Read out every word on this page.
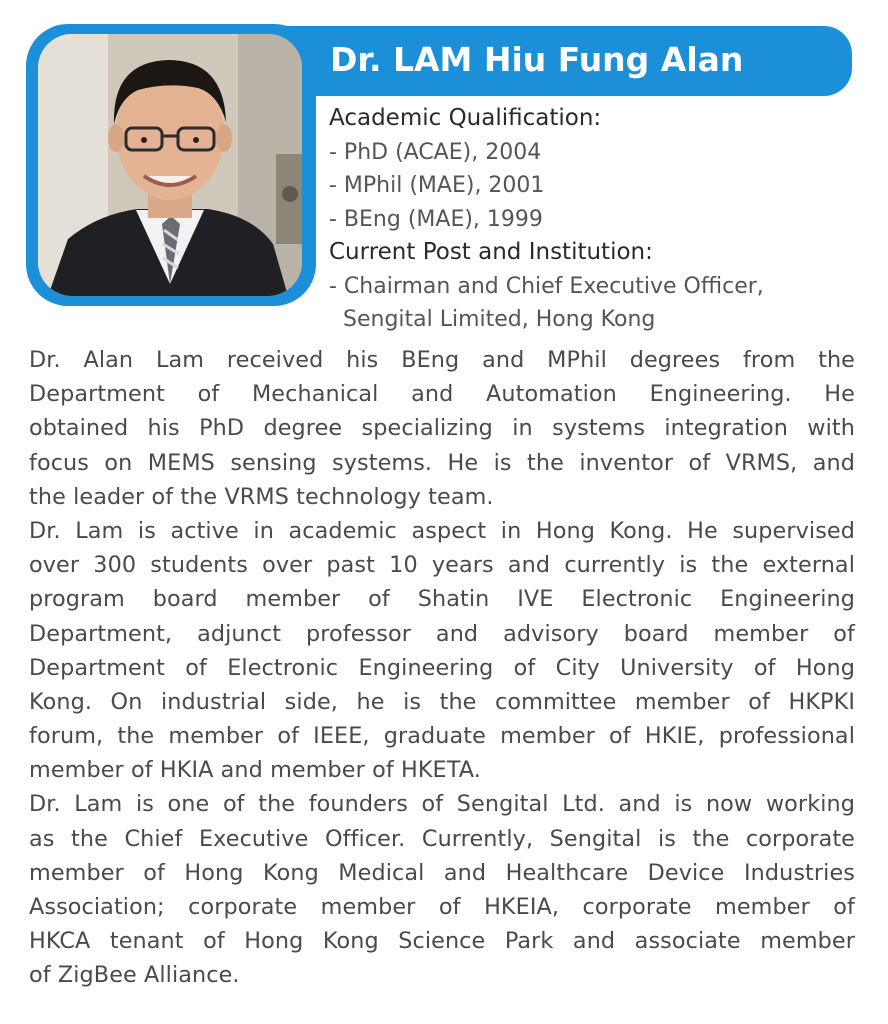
Dr. LAM Hiu Fung Alan
Academic Qualification:
- PhD (ACAE), 2004
- MPhil (MAE), 2001
- BEng (MAE), 1999
Current Post and Institution:
- Chairman and Chief Executive Officer,
Sengital Limited, Hong Kong
Dr. Alan Lam received his BEng and MPhil degrees from the
Department of Mechanical and Automation Engineering. He
obtained his PhD degree specializing in systems integration with
focus on MEMS sensing systems. He is the inventor of VRMS, and
the leader of the VRMS technology team.
Dr. Lam is active in academic aspect in Hong Kong. He supervised
over 300 students over past 10 years and currently is the external
program board member of Shatin IVE Electronic Engineering
Department, adjunct professor and advisory board member of
Department of Electronic Engineering of City University of Hong
Kong. On industrial side, he is the committee member of HKPKI
forum, the member of IEEE, graduate member of HKIE, professional
member of HKIA and member of HKETA.
Dr. Lam is one of the founders of Sengital Ltd. and is now working
as the Chief Executive Officer. Currently, Sengital is the corporate
member of Hong Kong Medical and Healthcare Device Industries
Association; corporate member of HKEIA, corporate member of
HKCA tenant of Hong Kong Science Park and associate member
of ZigBee Alliance.
